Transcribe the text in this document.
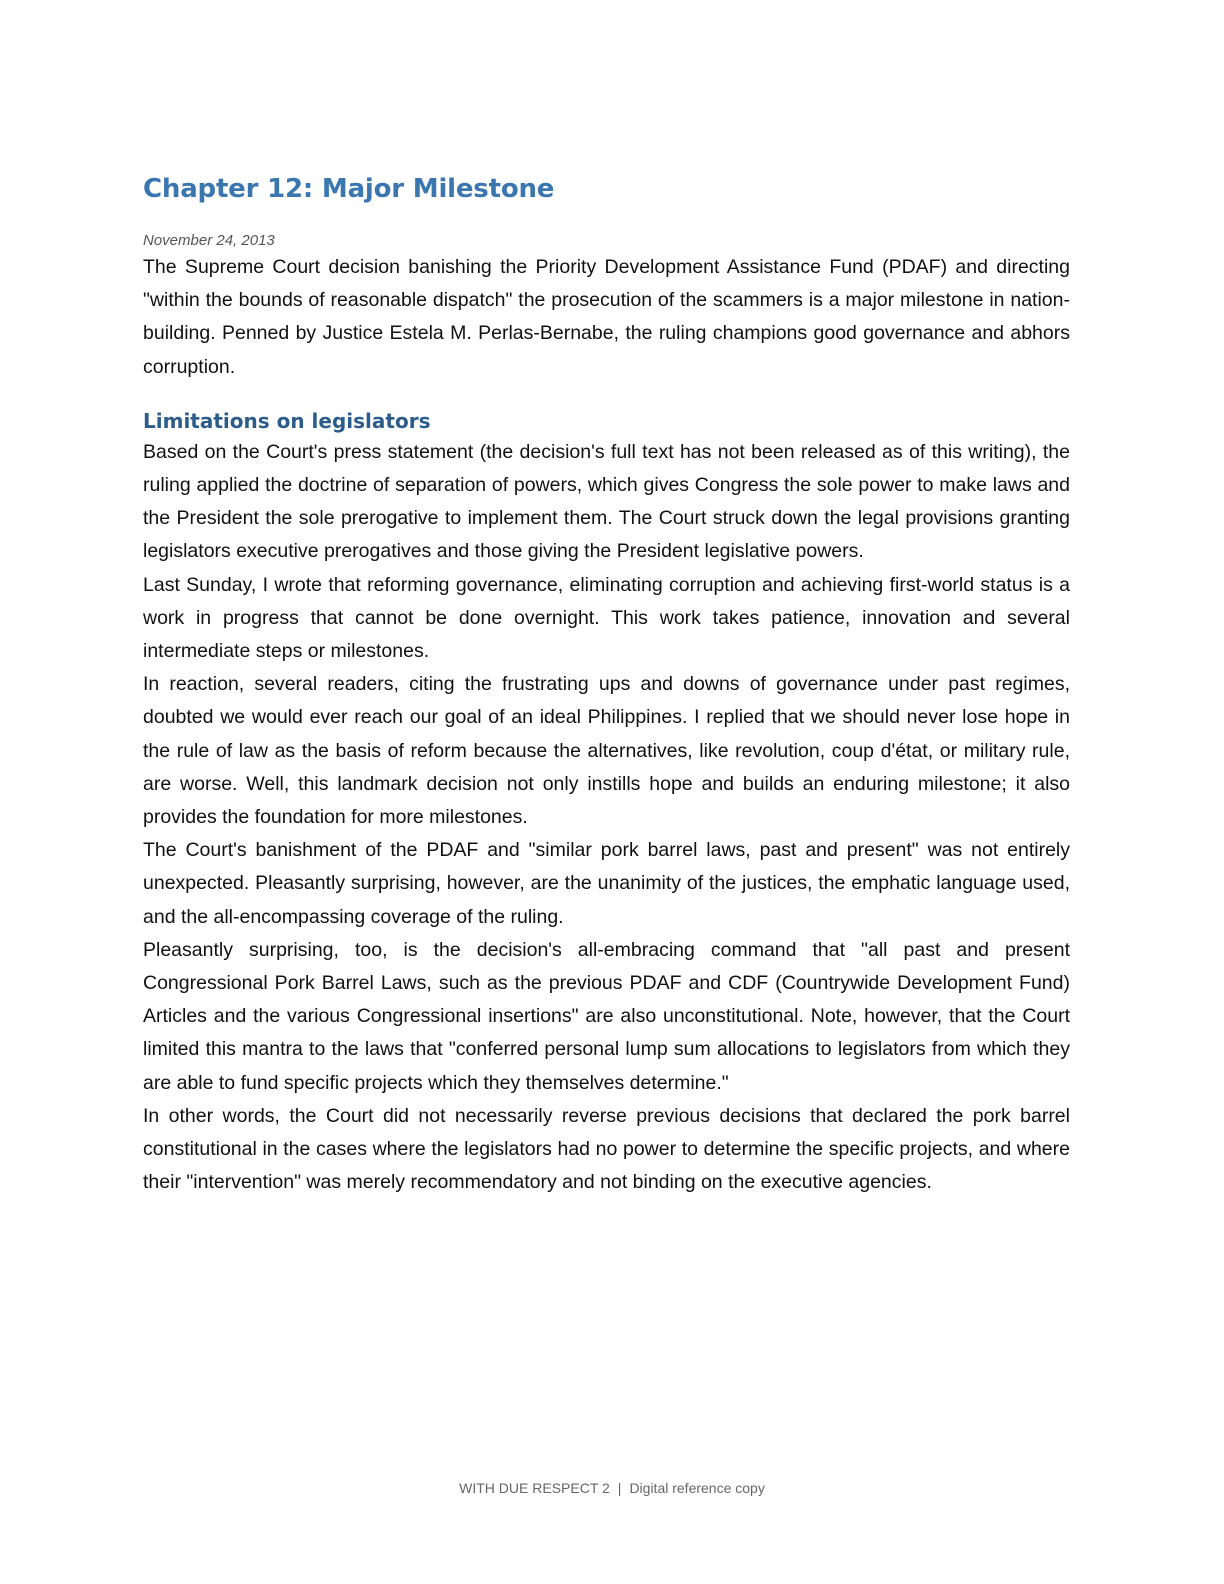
Chapter 12: Major Milestone
November 24, 2013

The Supreme Court decision banishing the Priority Development Assistance Fund (PDAF) and directing "within the bounds of reasonable dispatch" the prosecution of the scammers is a major milestone in nation-building. Penned by Justice Estela M. Perlas-Bernabe, the ruling champions good governance and abhors corruption.

Limitations on legislators

Based on the Court's press statement (the decision's full text has not been released as of this writing), the ruling applied the doctrine of separation of powers, which gives Congress the sole power to make laws and the President the sole prerogative to implement them. The Court struck down the legal provisions granting legislators executive prerogatives and those giving the President legislative powers.

Last Sunday, I wrote that reforming governance, eliminating corruption and achieving first-world status is a work in progress that cannot be done overnight. This work takes patience, innovation and several intermediate steps or milestones.

In reaction, several readers, citing the frustrating ups and downs of governance under past regimes, doubted we would ever reach our goal of an ideal Philippines. I replied that we should never lose hope in the rule of law as the basis of reform because the alternatives, like revolution, coup d'état, or military rule, are worse. Well, this landmark decision not only instills hope and builds an enduring milestone; it also provides the foundation for more milestones.

The Court's banishment of the PDAF and "similar pork barrel laws, past and present" was not entirely unexpected. Pleasantly surprising, however, are the unanimity of the justices, the emphatic language used, and the all-encompassing coverage of the ruling.

Pleasantly surprising, too, is the decision's all-embracing command that "all past and present Congressional Pork Barrel Laws, such as the previous PDAF and CDF (Countrywide Development Fund) Articles and the various Congressional insertions" are also unconstitutional. Note, however, that the Court limited this mantra to the laws that "conferred personal lump sum allocations to legislators from which they are able to fund specific projects which they themselves determine."

In other words, the Court did not necessarily reverse previous decisions that declared the pork barrel constitutional in the cases where the legislators had no power to determine the specific projects, and where their "intervention" was merely recommendatory and not binding on the executive agencies.

WITH DUE RESPECT 2 | Digital reference copy
